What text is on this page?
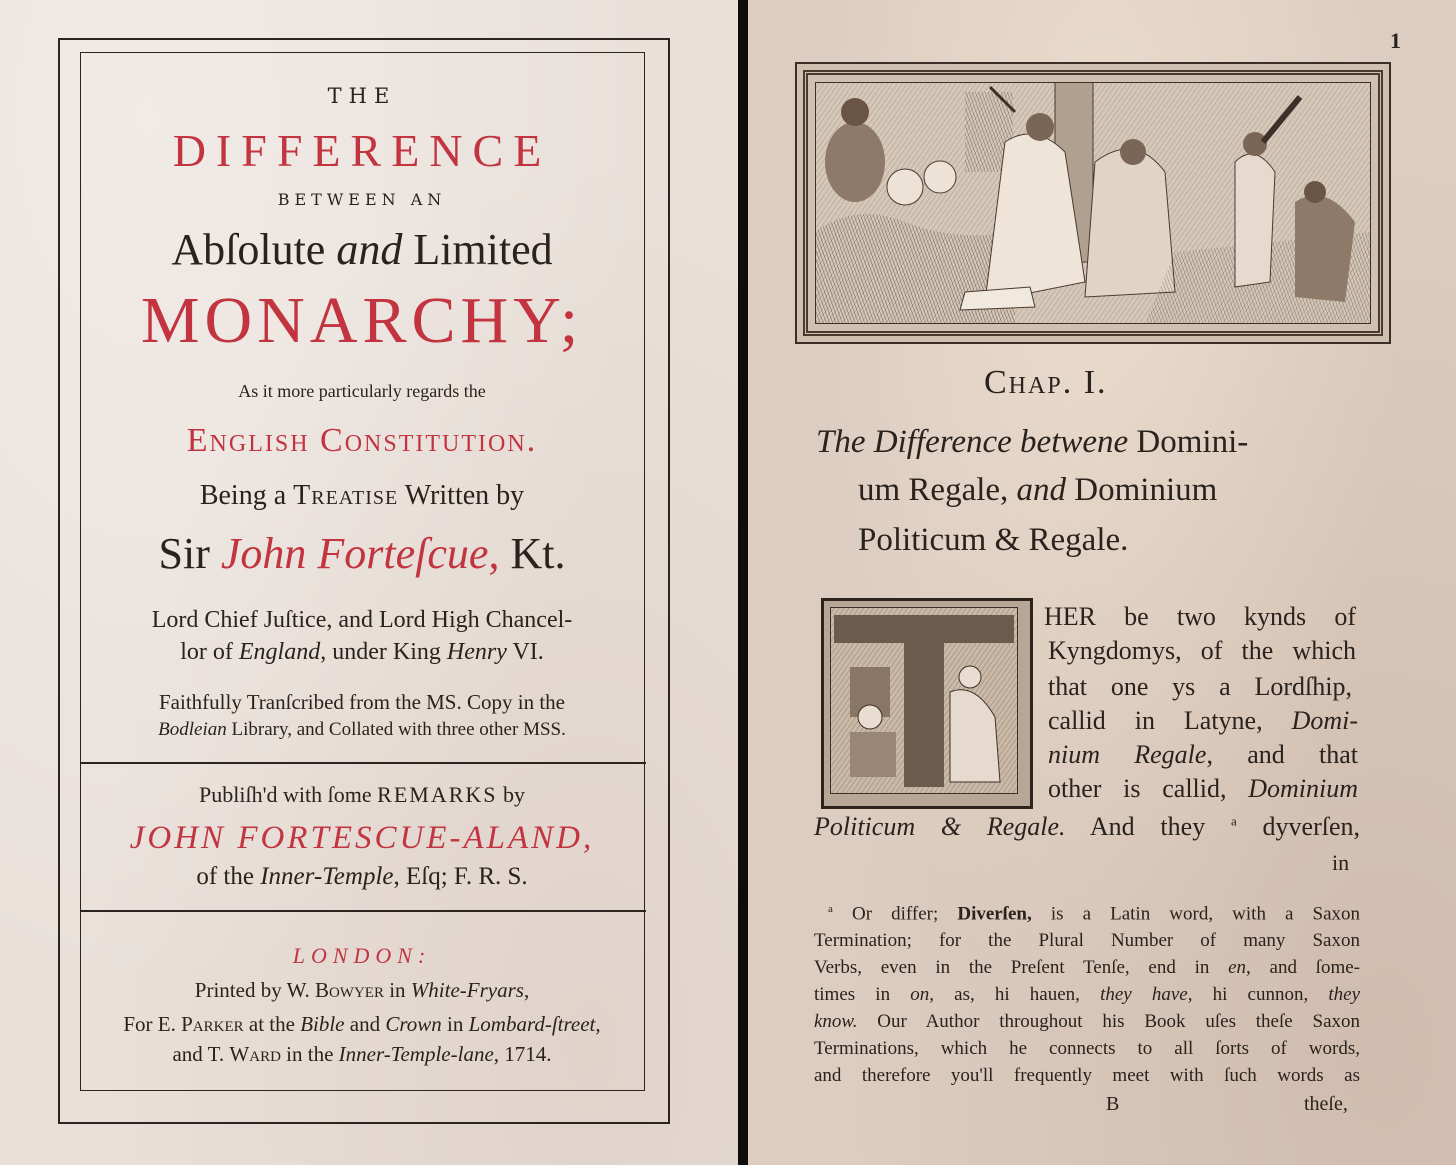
THE
DIFFERENCE
BETWEEN AN
Abſolute and Limited
MONARCHY;
As it more particularly regards the
English Constitution.
Being a Treatise Written by
Sir John Forteſcue, Kt.
Lord Chief Juſtice, and Lord High Chancel-
lor of England, under King Henry VI.
Faithfully Tranſcribed from the MS. Copy in the
Bodleian Library, and Collated with three other MSS.
Publiſh'd with ſome REMARKS by
JOHN FORTESCUE-ALAND,
of the Inner-Temple, Eſq; F. R. S.
LONDON:
Printed by W. Bowyer in White-Fryars,
For E. Parker at the Bible and Crown in Lombard-ſtreet,
and T. Ward in the Inner-Temple-lane, 1714.
1
Chap. I.
The Difference betwene Domini-
um Regale, and Dominium
Politicum & Regale.
HER be two kynds of
Kyngdomys, of the which
that one ys a Lordſhip,
callid in Latyne, Domi-
nium Regale, and that
other is callid, Dominium
Politicum & Regale. And they $^a$ dyverſen,
in
$^a$ Or differ; Diverſen, is a Latin word, with a Saxon
Termination; for the Plural Number of many Saxon
Verbs, even in the Preſent Tenſe, end in en, and ſome-
times in on, as, hi hauen, they have, hi cunnon, they
know. Our Author throughout his Book uſes theſe Saxon
Terminations, which he connects to all ſorts of words,
and therefore you'll frequently meet with ſuch words as
B	theſe,
